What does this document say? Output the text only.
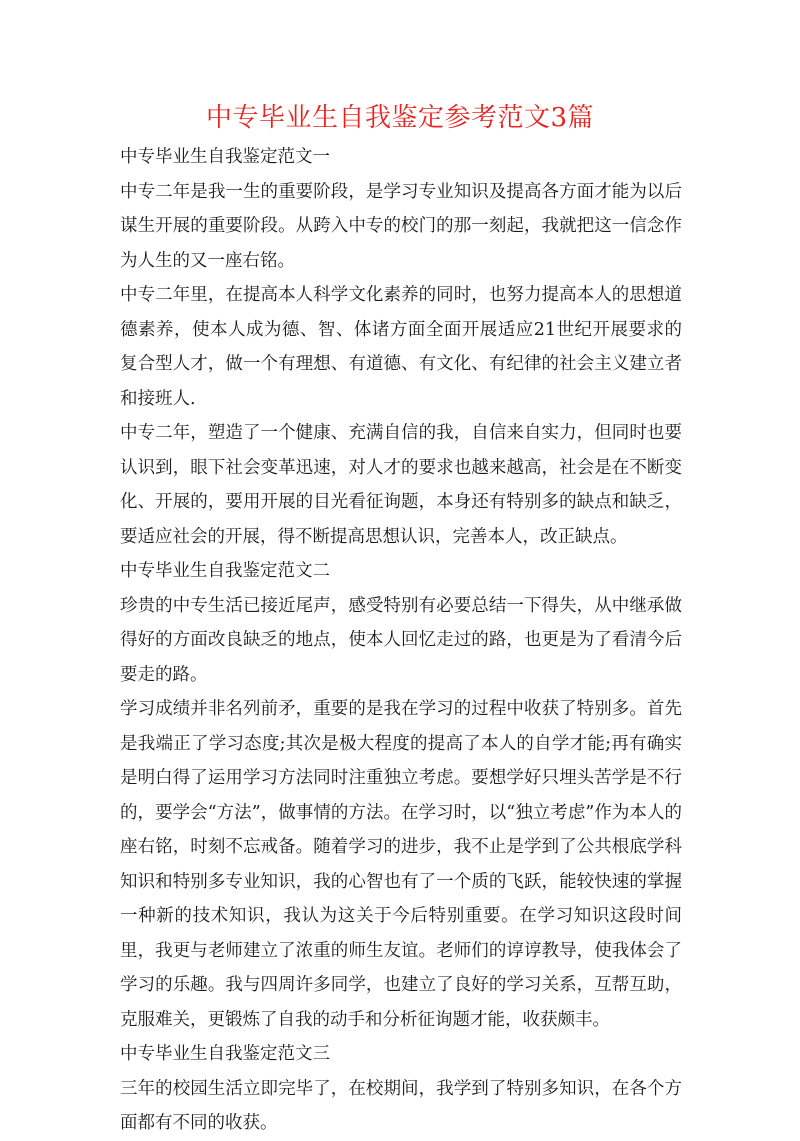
中专毕业生自我鉴定参考范文3篇

中专毕业生自我鉴定范文一

中专二年是我一生的重要阶段，是学习专业知识及提高各方面才能为以后谋生开展的重要阶段。从跨入中专的校门的那一刻起，我就把这一信念作为人生的又一座右铭。

中专二年里，在提高本人科学文化素养的同时，也努力提高本人的思想道德素养，使本人成为德、智、体诸方面全面开展适应21世纪开展要求的复合型人才，做一个有理想、有道德、有文化、有纪律的社会主义建立者和接班人.

中专二年，塑造了一个健康、充满自信的我，自信来自实力，但同时也要认识到，眼下社会变革迅速，对人才的要求也越来越高，社会是在不断变化、开展的，要用开展的目光看征询题，本身还有特别多的缺点和缺乏，要适应社会的开展，得不断提高思想认识，完善本人，改正缺点。

中专毕业生自我鉴定范文二

珍贵的中专生活已接近尾声，感受特别有必要总结一下得失，从中继承做得好的方面改良缺乏的地点，使本人回忆走过的路，也更是为了看清今后要走的路。

学习成绩并非名列前矛，重要的是我在学习的过程中收获了特别多。首先是我端正了学习态度;其次是极大程度的提高了本人的自学才能;再有确实是明白得了运用学习方法同时注重独立考虑。要想学好只埋头苦学是不行的，要学会“方法”，做事情的方法。在学习时，以“独立考虑”作为本人的座右铭，时刻不忘戒备。随着学习的进步，我不止是学到了公共根底学科知识和特别多专业知识，我的心智也有了一个质的飞跃，能较快速的掌握一种新的技术知识，我认为这关于今后特别重要。在学习知识这段时间里，我更与老师建立了浓重的师生友谊。老师们的谆谆教导，使我体会了学习的乐趣。我与四周许多同学，也建立了良好的学习关系，互帮互助，克服难关，更锻炼了自我的动手和分析征询题才能，收获颇丰。

中专毕业生自我鉴定范文三

三年的校园生活立即完毕了，在校期间，我学到了特别多知识，在各个方面都有不同的收获。
